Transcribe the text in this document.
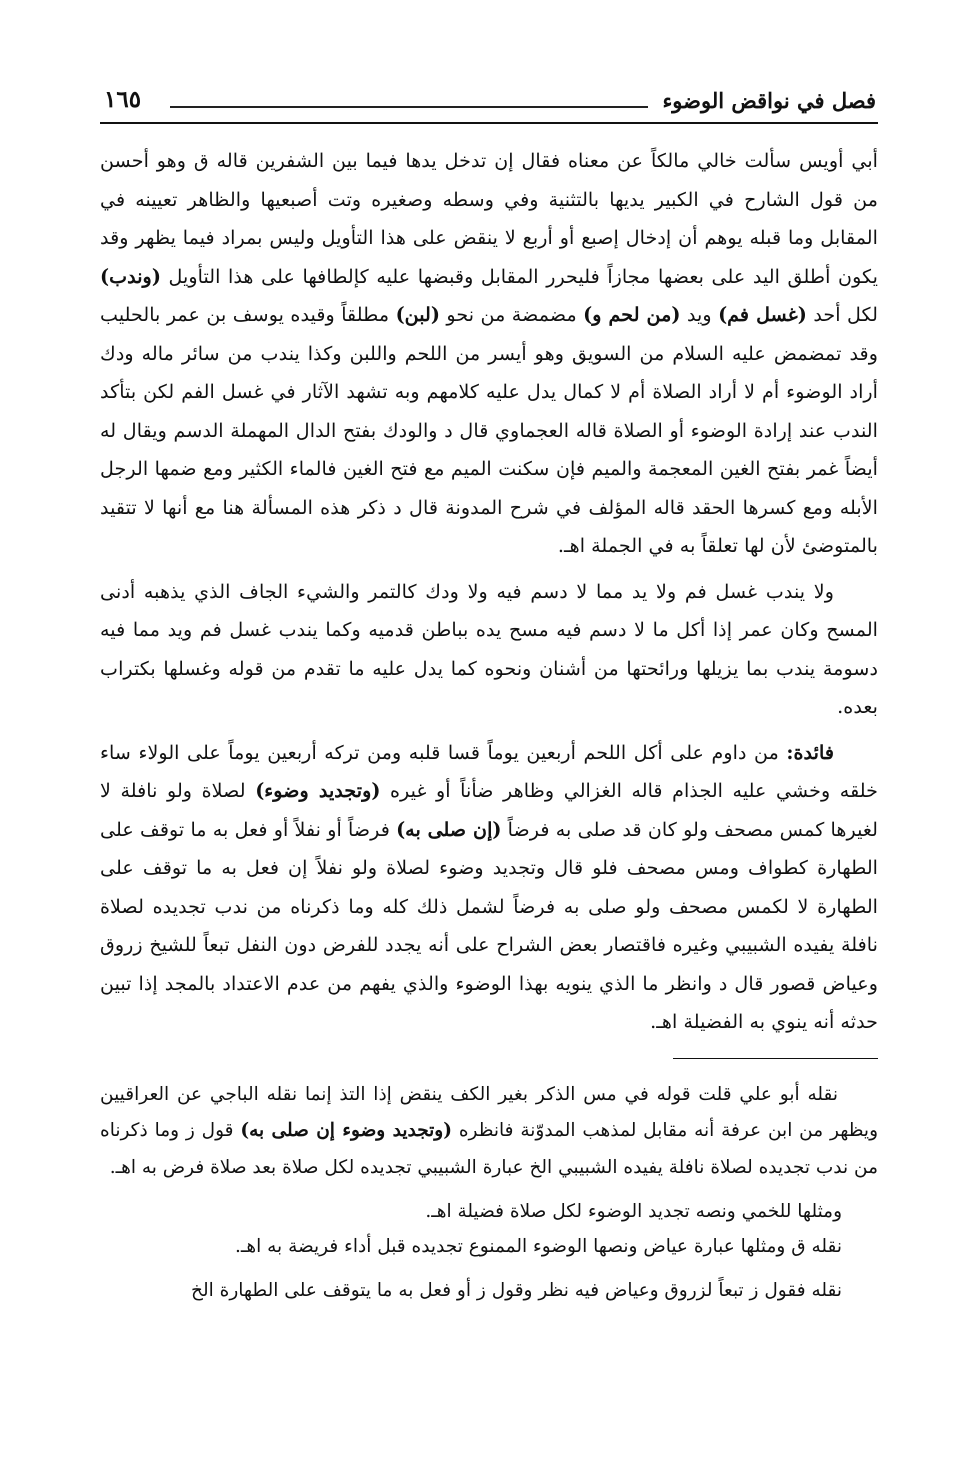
فصل في نواقض الوضوء
١٦٥

أبي أويس سألت خالي مالكاً عن معناه فقال إن تدخل يدها فيما بين الشفرين قاله ق وهو أحسن من قول الشارح في الكبير يديها بالتثنية وفي وسطه وصغيره وتت أصبعيها والظاهر تعيينه في المقابل وما قبله يوهم أن إدخال إصبع أو أربع لا ينقض على هذا التأويل وليس بمراد فيما يظهر وقد يكون أطلق اليد على بعضها مجازاً فليحرر المقابل وقبضها عليه كإلطافها على هذا التأويل (وندب) لكل أحد (غسل فم) ويد (من لحم و) مضمضة من نحو (لبن) مطلقاً وقيده يوسف بن عمر بالحليب وقد تمضمض عليه السلام من السويق وهو أيسر من اللحم واللبن وكذا يندب من سائر ماله ودك أراد الوضوء أم لا أراد الصلاة أم لا كمال يدل عليه كلامهم وبه تشهد الآثار في غسل الفم لكن بتأكد الندب عند إرادة الوضوء أو الصلاة قاله العجماوي قال د والودك بفتح الدال المهملة الدسم ويقال له أيضاً غمر بفتح الغين المعجمة والميم فإن سكنت الميم مع فتح الغين فالماء الكثير ومع ضمها الرجل الأبله ومع كسرها الحقد قاله المؤلف في شرح المدونة قال د ذكر هذه المسألة هنا مع أنها لا تتقيد بالمتوضئ لأن لها تعلقاً به في الجملة اهـ.

ولا يندب غسل فم ولا يد مما لا دسم فيه ولا ودك كالتمر والشيء الجاف الذي يذهبه أدنى المسح وكان عمر إذا أكل ما لا دسم فيه مسح يده بباطن قدميه وكما يندب غسل فم ويد مما فيه دسومة يندب بما يزيلها ورائحتها من أشنان ونحوه كما يدل عليه ما تقدم من قوله وغسلها بكتراب بعده.

فائدة: من داوم على أكل اللحم أربعين يوماً قسا قلبه ومن تركه أربعين يوماً على الولاء ساء خلقه وخشي عليه الجذام قاله الغزالي وظاهر ضأناً أو غيره (وتجديد وضوء) لصلاة ولو نافلة لا لغيرها كمس مصحف ولو كان قد صلى به فرضاً (إن صلى به) فرضاً أو نفلاً أو فعل به ما توقف على الطهارة كطواف ومس مصحف فلو قال وتجديد وضوء لصلاة ولو نفلاً إن فعل به ما توقف على الطهارة لا لكمس مصحف ولو صلى به فرضاً لشمل ذلك كله وما ذكرناه من ندب تجديده لصلاة نافلة يفيده الشبيبي وغيره فاقتصار بعض الشراح على أنه يجدد للفرض دون النفل تبعاً للشيخ زروق وعياض قصور قال د وانظر ما الذي ينويه بهذا الوضوء والذي يفهم من عدم الاعتداد بالمجد إذا تبين حدثه أنه ينوي به الفضيلة اهـ.

نقله أبو علي قلت قوله في مس الذكر بغير الكف ينقض إذا التذ إنما نقله الباجي عن العراقيين ويظهر من ابن عرفة أنه مقابل لمذهب المدوّنة فانظره (وتجديد وضوء إن صلى به) قول ز وما ذكرناه من ندب تجديده لصلاة نافلة يفيده الشبيبي الخ عبارة الشبيبي تجديده لكل صلاة بعد صلاة فرض به اهـ.

ومثلها للخمي ونصه تجديد الوضوء لكل صلاة فضيلة اهـ.

نقله ق ومثلها عبارة عياض ونصها الوضوء الممنوع تجديده قبل أداء فريضة به اهـ.

نقله فقول ز تبعاً لزروق وعياض فيه نظر وقول ز أو فعل به ما يتوقف على الطهارة الخ
